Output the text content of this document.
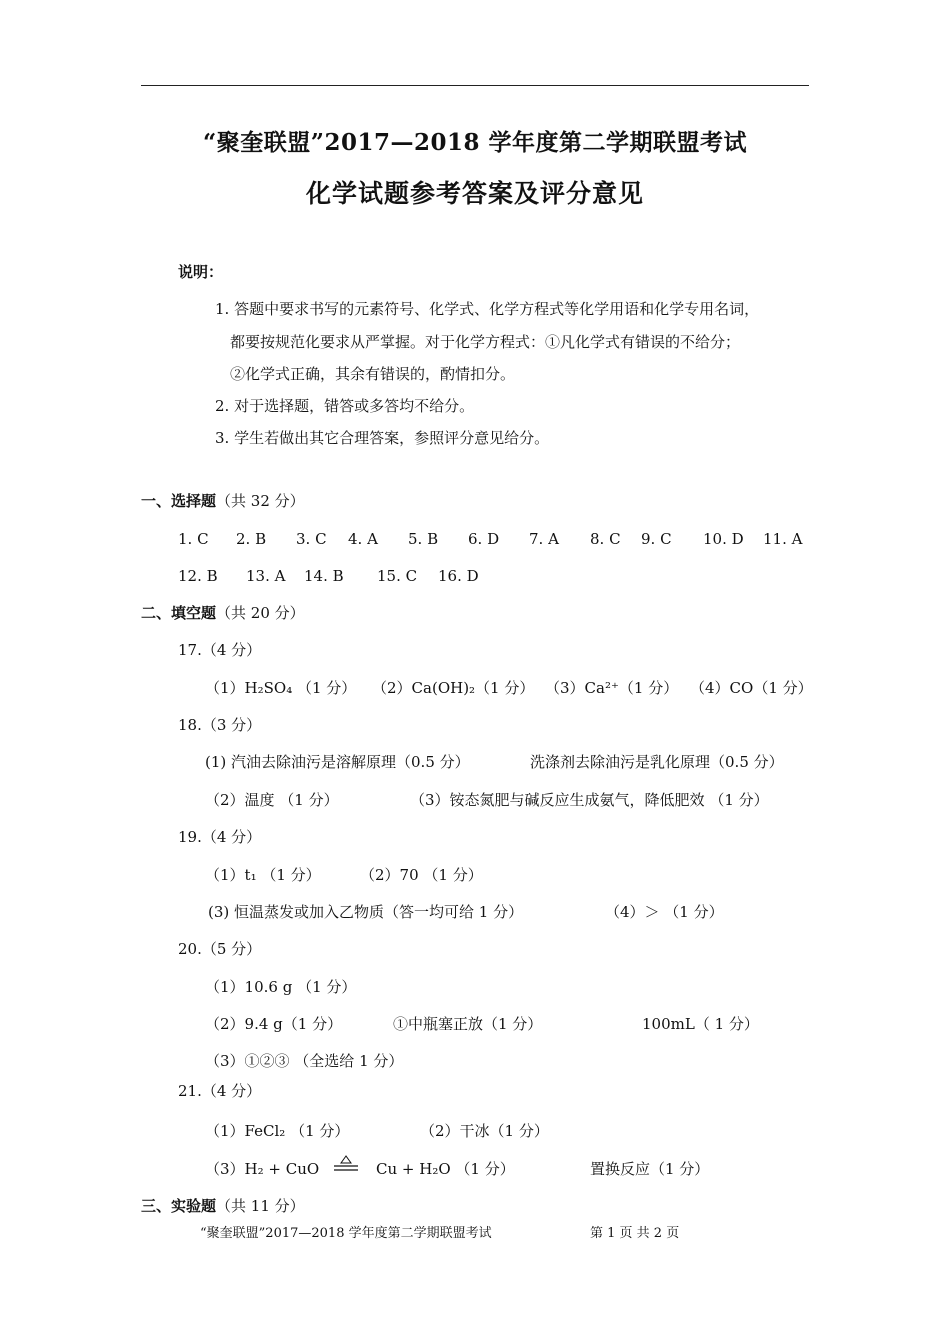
“聚奎联盟”2017—2018 学年度第二学期联盟考试
化学试题参考答案及评分意见
说明：
1. 答题中要求书写的元素符号、化学式、化学方程式等化学用语和化学专用名词，
都要按规范化要求从严掌握。对于化学方程式：①凡化学式有错误的不给分；
②化学式正确，其余有错误的，酌情扣分。
2. 对于选择题，错答或多答均不给分。
3. 学生若做出其它合理答案，参照评分意见给分。
一、选择题（共 32 分）
1. C 2. B 3. C 4. A 5. B 6. D 7. A 8. C 9. C 10. D 11. A
12. B 13. A 14. B 15. C 16. D
二、填空题（共 20 分）
17.（4 分）
（1）H₂SO₄ （1 分） （2）Ca(OH)₂（1 分） （3）Ca²⁺（1 分） （4）CO（1 分）
18.（3 分）
(1) 汽油去除油污是溶解原理（0.5 分）	洗涤剂去除油污是乳化原理（0.5 分）
（2）温度 （1 分）	（3）铵态氮肥与碱反应生成氨气，降低肥效 （1 分）
19.（4 分）
（1）t₁ （1 分）	（2）70 （1 分）
(3) 恒温蒸发或加入乙物质（答一均可给 1 分）	（4）＞ （1 分）
20.（5 分）
（1）10.6 g （1 分）
（2）9.4 g（1 分）	①中瓶塞正放（1 分）	100mL（ 1 分）
（3）①②③ （全选给 1 分）
21.（4 分）
（1）FeCl₂ （1 分）	（2）干冰（1 分）
（3）H₂ + CuO	Cu + H₂O （1 分）	置换反应（1 分）
三、实验题（共 11 分）
“聚奎联盟”2017—2018 学年度第二学期联盟考试	第 1 页 共 2 页
